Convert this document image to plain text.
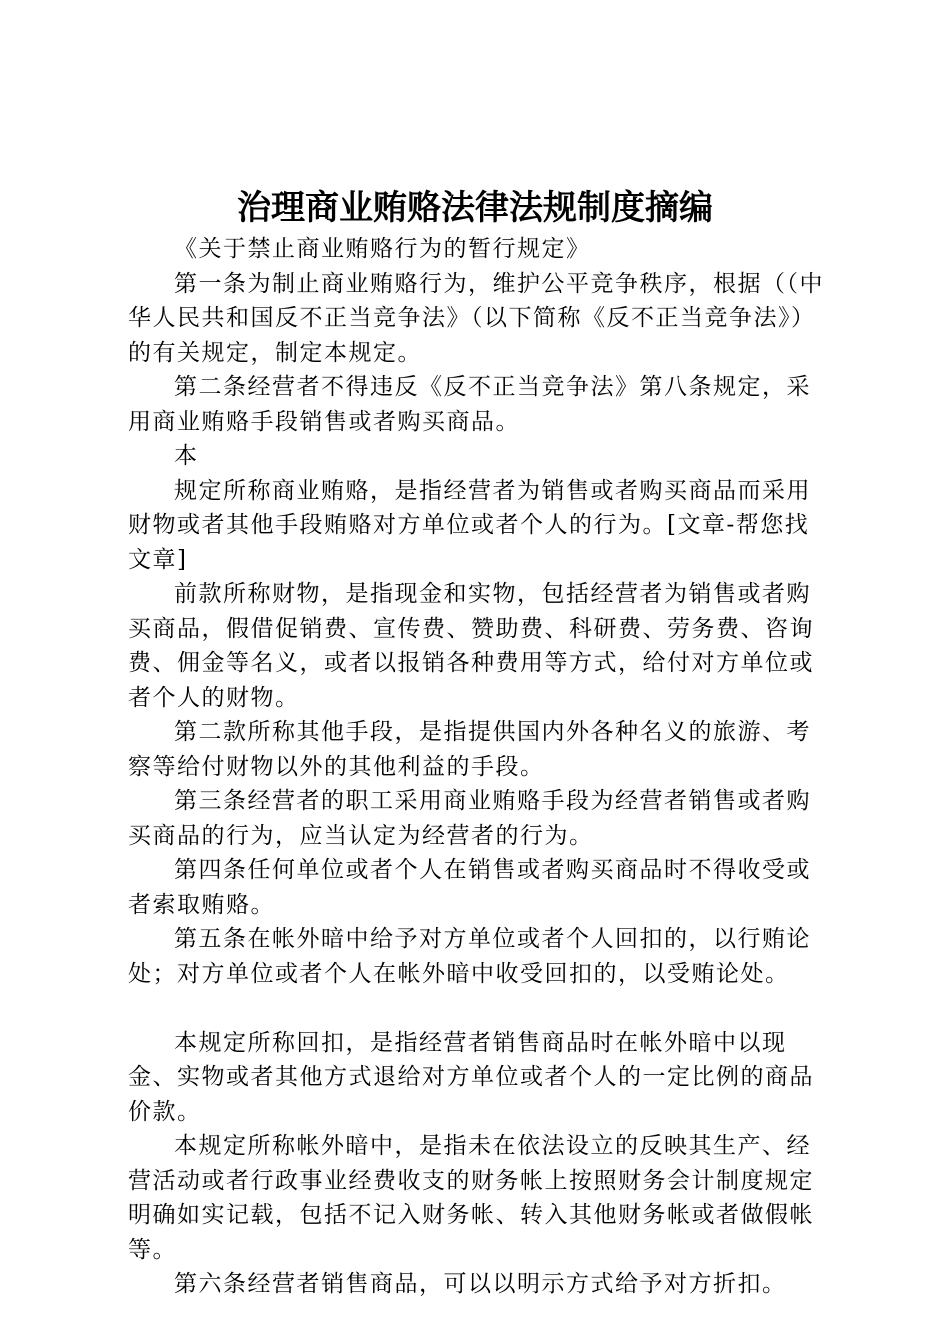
治理商业贿赂法律法规制度摘编

《关于禁止商业贿赂行为的暂行规定》

第一条为制止商业贿赂行为，维护公平竞争秩序，根据（（中华人民共和国反不正当竞争法》（以下简称《反不正当竞争法》）的有关规定，制定本规定。

第二条经营者不得违反《反不正当竞争法》第八条规定，采用商业贿赂手段销售或者购买商品。

本

规定所称商业贿赂，是指经营者为销售或者购买商品而采用财物或者其他手段贿赂对方单位或者个人的行为。[文章-帮您找文章]

前款所称财物，是指现金和实物，包括经营者为销售或者购买商品，假借促销费、宣传费、赞助费、科研费、劳务费、咨询费、佣金等名义，或者以报销各种费用等方式，给付对方单位或者个人的财物。

第二款所称其他手段，是指提供国内外各种名义的旅游、考察等给付财物以外的其他利益的手段。

第三条经营者的职工采用商业贿赂手段为经营者销售或者购买商品的行为，应当认定为经营者的行为。

第四条任何单位或者个人在销售或者购买商品时不得收受或者索取贿赂。

第五条在帐外暗中给予对方单位或者个人回扣的，以行贿论处；对方单位或者个人在帐外暗中收受回扣的，以受贿论处。

本规定所称回扣，是指经营者销售商品时在帐外暗中以现金、实物或者其他方式退给对方单位或者个人的一定比例的商品价款。

本规定所称帐外暗中，是指未在依法设立的反映其生产、经营活动或者行政事业经费收支的财务帐上按照财务会计制度规定明确如实记载，包括不记入财务帐、转入其他财务帐或者做假帐等。

第六条经营者销售商品，可以以明示方式给予对方折扣。
